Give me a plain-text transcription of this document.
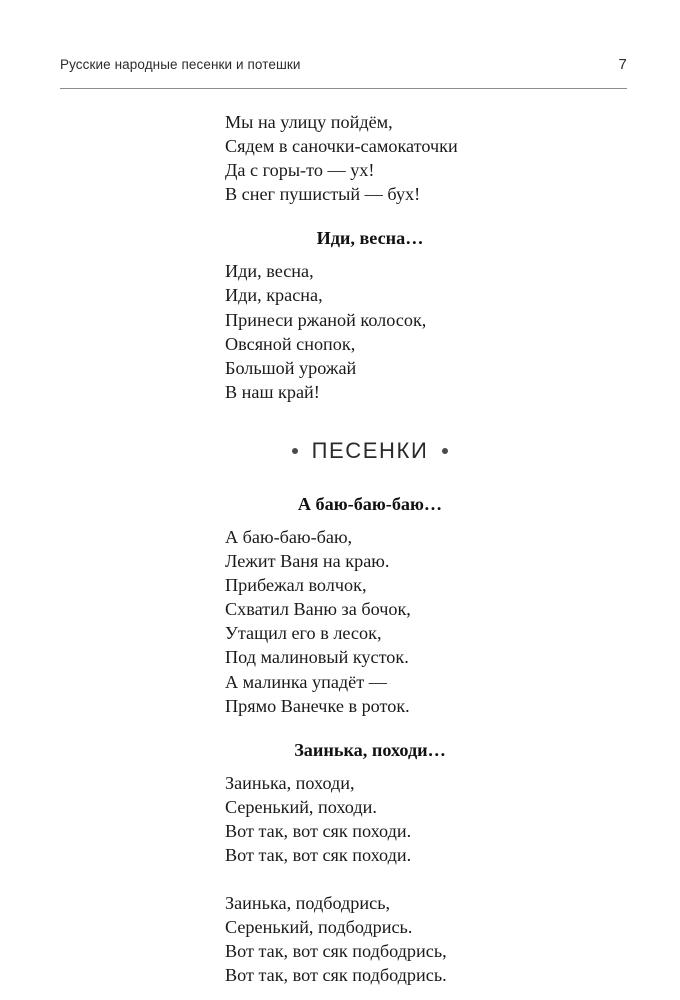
Русские народные песенки и потешки	7
Мы на улицу пойдём,
Сядем в саночки-самокаточки
Да с горы-то — ух!
В снег пушистый — бух!
Иди, весна…
Иди, весна,
Иди, красна,
Принеси ржаной колосок,
Овсяной снопок,
Большой урожай
В наш край!
ПЕСЕНКИ
А баю-баю-баю…
А баю-баю-баю,
Лежит Ваня на краю.
Прибежал волчок,
Схватил Ваню за бочок,
Утащил его в лесок,
Под малиновый кусток.
А малинка упадёт —
Прямо Ванечке в роток.
Заинька, походи…
Заинька, походи,
Серенький, походи.
Вот так, вот сяк походи.
Вот так, вот сяк походи.
Заинька, подбодрись,
Серенький, подбодрись.
Вот так, вот сяк подбодрись,
Вот так, вот сяк подбодрись.
